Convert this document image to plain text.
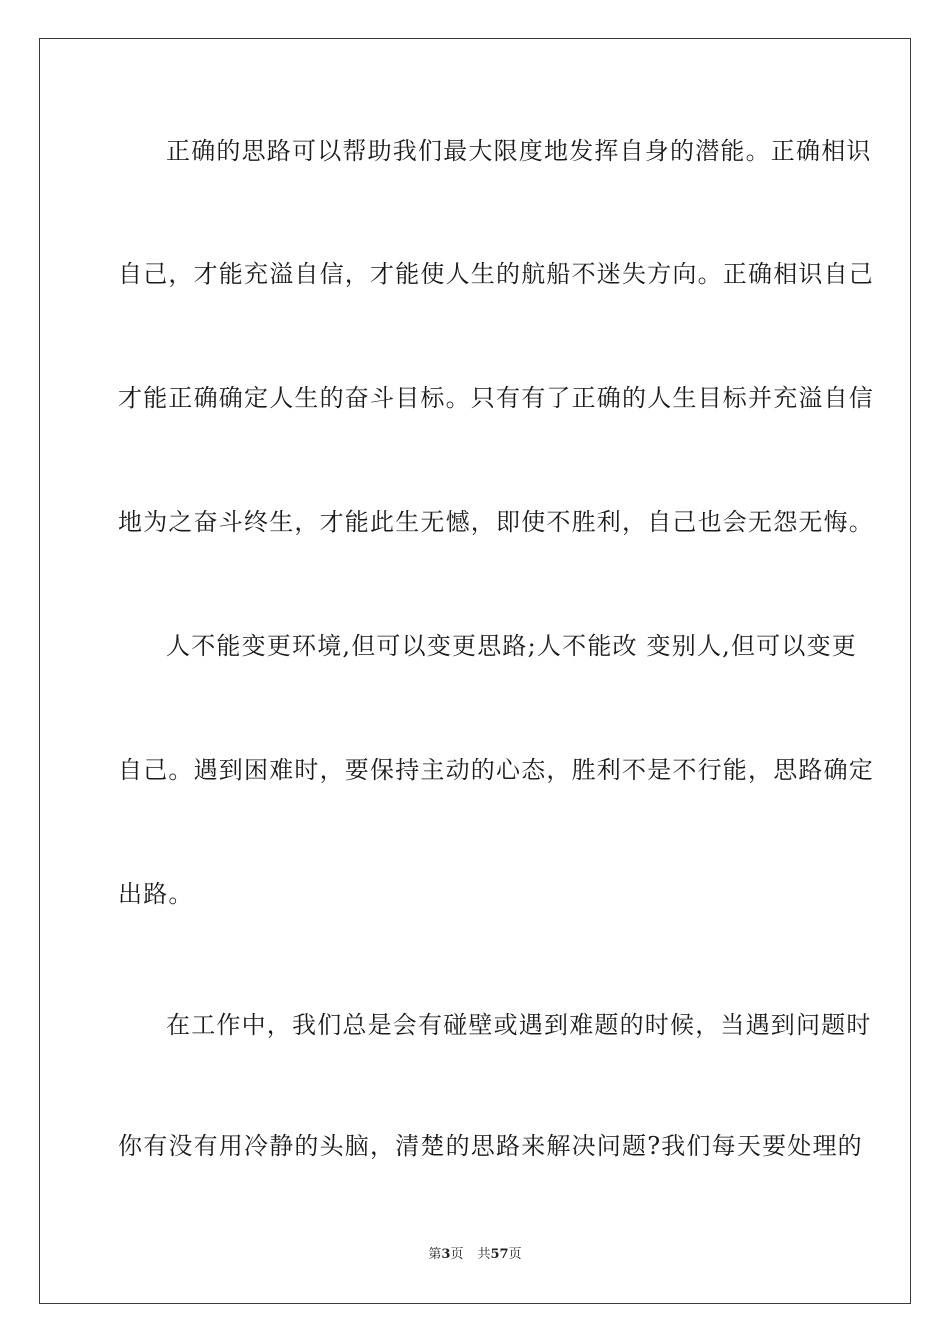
正确的思路可以帮助我们最大限度地发挥自身的潜能。正确相识
自己，才能充溢自信，才能使人生的航船不迷失方向。正确相识自己
才能正确确定人生的奋斗目标。只有有了正确的人生目标并充溢自信
地为之奋斗终生，才能此生无憾，即使不胜利，自己也会无怨无悔。
人不能变更环境,但可以变更思路;人不能改 变别人,但可以变更
自己。遇到困难时，要保持主动的心态，胜利不是不行能，思路确定
出路。
在工作中，我们总是会有碰壁或遇到难题的时候，当遇到问题时
你有没有用冷静的头脑，清楚的思路来解决问题?我们每天要处理的
第3页 共57页
